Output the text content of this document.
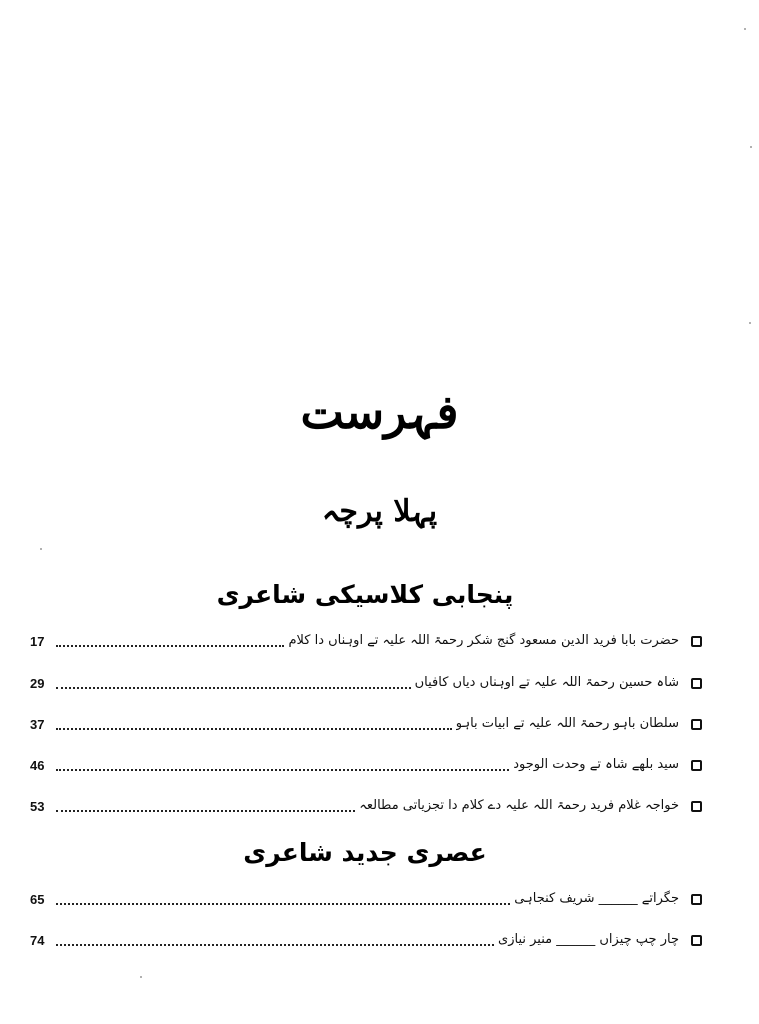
فہرست
پہلا پرچہ
پنجابی کلاسیکی شاعری
17	حضرت بابا فرید الدین مسعود گنج شکر رحمۃ اللہ علیہ تے اوہناں دا کلام
29	شاہ حسین رحمۃ اللہ علیہ تے اوہناں دیاں کافیاں
37	سلطان باہو رحمۃ اللہ علیہ تے ابیات باہو
46	سید بلھے شاہ تے وحدت الوجود
53	خواجہ غلام فرید رحمۃ اللہ علیہ دے کلام دا تجزیاتی مطالعہ
عصری جدید شاعری
65	جگراتے ______ شریف کنجاہی
74	چار چپ چیزاں ______ منیر نیازی
